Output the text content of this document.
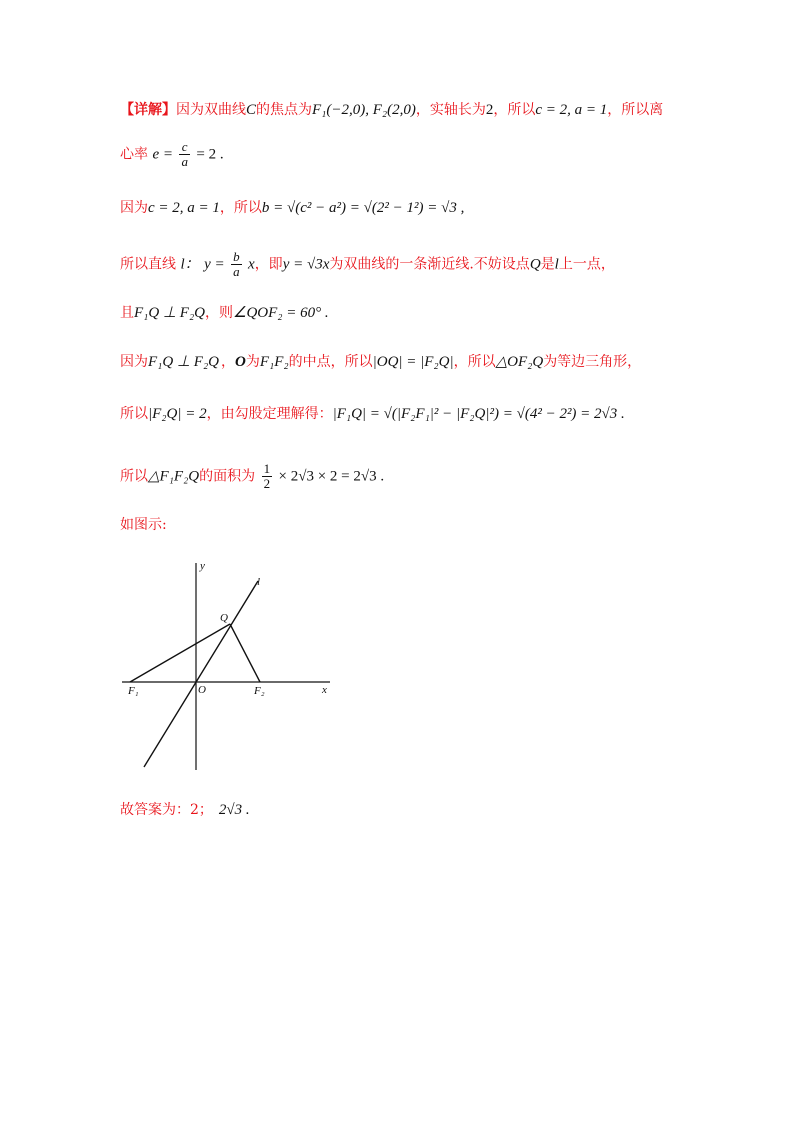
【详解】因为双曲线C的焦点为F₁(−2,0), F₂(2,0)，实轴长为2，所以c = 2, a = 1，所以离
心率 $e = \frac{c}{a} = 2$ .
因为c = 2, a = 1，所以b = √(c² − a²) = √(2² − 1²) = √3 ,
所以直线 l： $y = \frac{b}{a}$ x，即y = √3x为双曲线的一条渐近线.不妨设点Q是l上一点，
且F₁Q ⊥ F₂Q，则∠QOF₂ = 60° .
因为F₁Q ⊥ F₂Q ，O为F₁F₂的中点，所以|OQ| = |F₂Q|，所以△OF₂Q为等边三角形，
所以|F₂Q| = 2，由勾股定理解得：|F₁Q| = √(|F₂F₁|² − |F₂Q|²) = √(4² − 2²) = 2√3 .
所以△F₁F₂Q的面积为 $\frac{1}{2} \times 2√3 \times 2 = 2√3$ .
如图示:
y
x
l
Q
O
F₁	F₂
故答案为：2； 2√3 .
